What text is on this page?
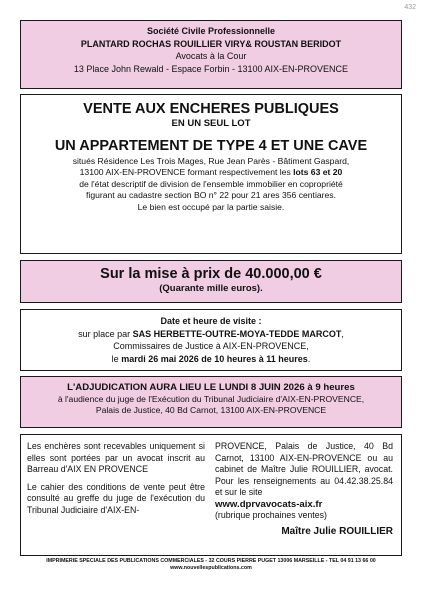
432
Société Civile Professionnelle
PLANTARD ROCHAS ROUILLIER VIRY& ROUSTAN BERIDOT
Avocats à la Cour
13 Place John Rewald - Espace Forbin - 13100 AIX-EN-PROVENCE
VENTE AUX ENCHERES PUBLIQUES
EN UN SEUL LOT
UN APPARTEMENT DE TYPE 4 ET UNE CAVE
situés Résidence Les Trois Mages, Rue Jean Parès - Bâtiment Gaspard,
13100 AIX-EN-PROVENCE formant respectivement les lots 63 et 20
de l'état descriptif de division de l'ensemble immobilier en copropriété
figurant au cadastre section BO n° 22 pour 21 ares 356 centiares.
Le bien est occupé par la partie saisie.
Sur la mise à prix de 40.000,00 €
(Quarante mille euros).
Date et heure de visite :
sur place par SAS HERBETTE-OUTRE-MOYA-TEDDE MARCOT,
Commissaires de Justice à AIX-EN-PROVENCE,
le mardi 26 mai 2026 de 10 heures à 11 heures.
L'ADJUDICATION AURA LIEU LE LUNDI 8 JUIN 2026 à 9 heures
à l'audience du juge de l'Exécution du Tribunal Judiciaire d'AIX-EN-PROVENCE,
Palais de Justice, 40 Bd Carnot, 13100 AIX-EN-PROVENCE

Les enchères sont recevables uniquement si elles sont portées par un avocat inscrit au Barreau d'AIX EN PROVENCE

Le cahier des conditions de vente peut être consulté au greffe du juge de l'exécution du Tribunal Judiciaire d'AIX-EN-

PROVENCE, Palais de Justice, 40 Bd Carnot, 13100 AIX-EN-PROVENCE ou au cabinet de Maître Julie ROUILLIER, avocat. Pour les renseignements au 04.42.38.25.84 et sur le site

www.dprvavocats-aix.fr

(rubrique prochaines ventes)

Maître Julie ROUILLIER

IMPRIMERIE SPECIALE DES PUBLICATIONS COMMERCIALES - 32 COURS PIERRE PUGET 13006 MARSEILLE - TEL 04 91 13 66 00
www.nouvellespublications.com
